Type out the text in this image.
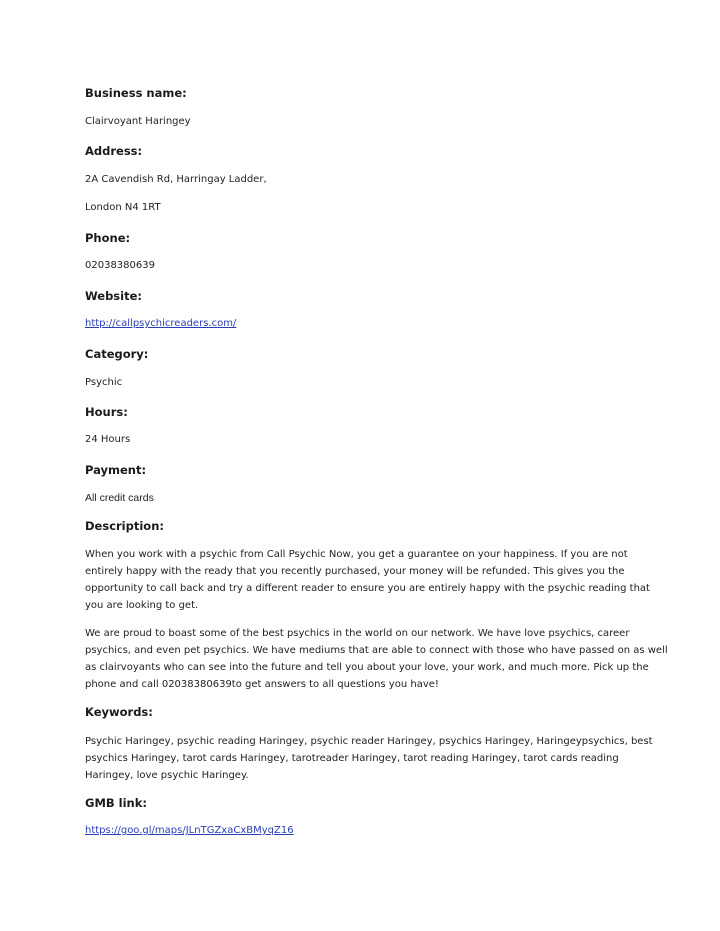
Business name:
Clairvoyant Haringey
Address:
2A Cavendish Rd, Harringay Ladder,
London N4 1RT
Phone:
02038380639
Website:
http://callpsychicreaders.com/
Category:
Psychic
Hours:
24 Hours
Payment:
All credit cards
Description:
When you work with a psychic from Call Psychic Now, you get a guarantee on your happiness. If you are not
entirely happy with the ready that you recently purchased, your money will be refunded. This gives you the
opportunity to call back and try a different reader to ensure you are entirely happy with the psychic reading that
you are looking to get.
We are proud to boast some of the best psychics in the world on our network. We have love psychics, career
psychics, and even pet psychics. We have mediums that are able to connect with those who have passed on as well
as clairvoyants who can see into the future and tell you about your love, your work, and much more. Pick up the
phone and call 02038380639to get answers to all questions you have!
Keywords:
Psychic Haringey, psychic reading Haringey, psychic reader Haringey, psychics Haringey, Haringeypsychics, best
psychics Haringey, tarot cards Haringey, tarotreader Haringey, tarot reading Haringey, tarot cards reading
Haringey, love psychic Haringey.
GMB link:
https://goo.gl/maps/JLnTGZxaCxBMyqZ16
